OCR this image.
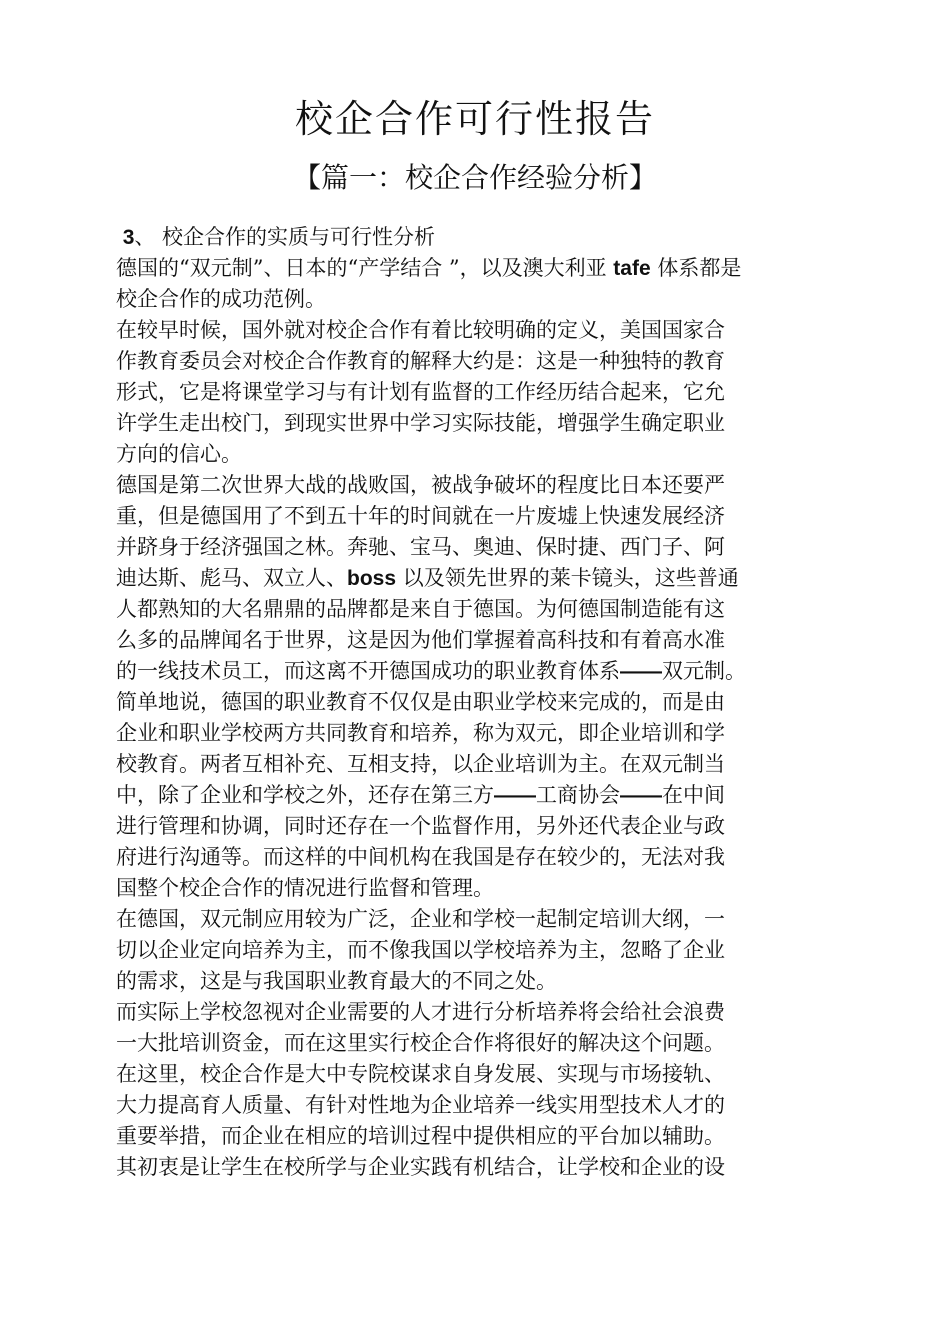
校企合作可行性报告
【篇一：校企合作经验分析】
3、 校企合作的实质与可行性分析
德国的“双元制”、日本的“产学结合 ”，以及澳大利亚 tafe 体系都是
校企合作的成功范例。
在较早时候，国外就对校企合作有着比较明确的定义，美国国家合
作教育委员会对校企合作教育的解释大约是：这是一种独特的教育
形式，它是将课堂学习与有计划有监督的工作经历结合起来，它允
许学生走出校门，到现实世界中学习实际技能，增强学生确定职业
方向的信心。
德国是第二次世界大战的战败国，被战争破坏的程度比日本还要严
重，但是德国用了不到五十年的时间就在一片废墟上快速发展经济
并跻身于经济强国之林。奔驰、宝马、奥迪、保时捷、西门子、阿
迪达斯、彪马、双立人、boss 以及领先世界的莱卡镜头，这些普通
人都熟知的大名鼎鼎的品牌都是来自于德国。为何德国制造能有这
么多的品牌闻名于世界，这是因为他们掌握着高科技和有着高水准
的一线技术员工，而这离不开德国成功的职业教育体系——双元制。
简单地说，德国的职业教育不仅仅是由职业学校来完成的，而是由
企业和职业学校两方共同教育和培养，称为双元，即企业培训和学
校教育。两者互相补充、互相支持，以企业培训为主。在双元制当
中，除了企业和学校之外，还存在第三方——工商协会——在中间
进行管理和协调，同时还存在一个监督作用，另外还代表企业与政
府进行沟通等。而这样的中间机构在我国是存在较少的，无法对我
国整个校企合作的情况进行监督和管理。
在德国，双元制应用较为广泛，企业和学校一起制定培训大纲，一
切以企业定向培养为主，而不像我国以学校培养为主，忽略了企业
的需求，这是与我国职业教育最大的不同之处。
而实际上学校忽视对企业需要的人才进行分析培养将会给社会浪费
一大批培训资金，而在这里实行校企合作将很好的解决这个问题。
在这里，校企合作是大中专院校谋求自身发展、实现与市场接轨、
大力提高育人质量、有针对性地为企业培养一线实用型技术人才的
重要举措，而企业在相应的培训过程中提供相应的平台加以辅助。
其初衷是让学生在校所学与企业实践有机结合，让学校和企业的设
